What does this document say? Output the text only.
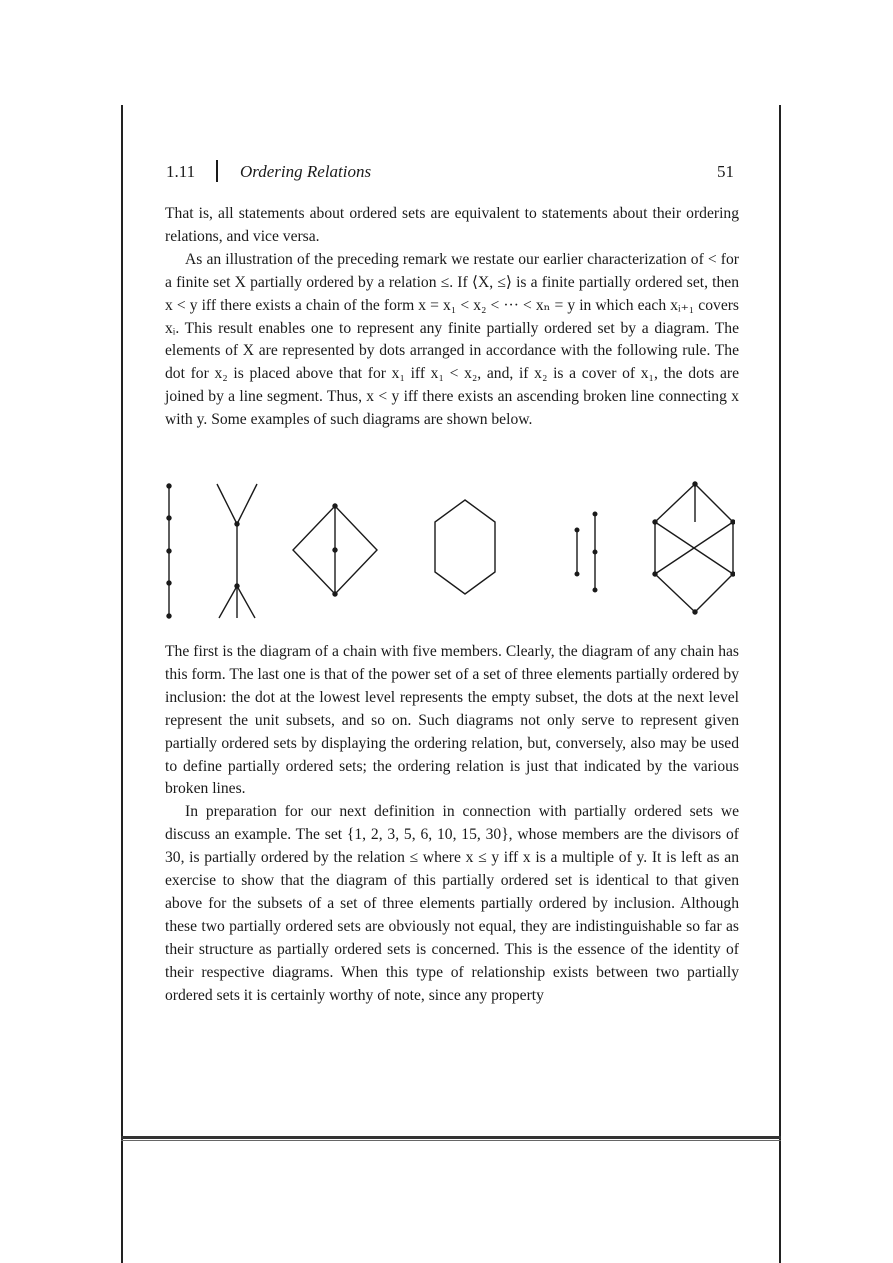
1.11	Ordering Relations	51

That is, all statements about ordered sets are equivalent to statements about their ordering relations, and vice versa.

As an illustration of the preceding remark we restate our earlier characterization of < for a finite set X partially ordered by a relation ≤. If ⟨X, ≤⟩ is a finite partially ordered set, then x < y iff there exists a chain of the form x = x₁ < x₂ < ··· < xₙ = y in which each xᵢ₊₁ covers xᵢ. This result enables one to represent any finite partially ordered set by a diagram. The elements of X are represented by dots arranged in accordance with the following rule. The dot for x₂ is placed above that for x₁ iff x₁ < x₂, and, if x₂ is a cover of x₁, the dots are joined by a line segment. Thus, x < y iff there exists an ascending broken line connecting x with y. Some examples of such diagrams are shown below.

The first is the diagram of a chain with five members. Clearly, the diagram of any chain has this form. The last one is that of the power set of a set of three elements partially ordered by inclusion: the dot at the lowest level represents the empty subset, the dots at the next level represent the unit subsets, and so on. Such diagrams not only serve to represent given partially ordered sets by displaying the ordering relation, but, conversely, also may be used to define partially ordered sets; the ordering relation is just that indicated by the various broken lines.

In preparation for our next definition in connection with partially ordered sets we discuss an example. The set {1, 2, 3, 5, 6, 10, 15, 30}, whose members are the divisors of 30, is partially ordered by the relation ≤ where x ≤ y iff x is a multiple of y. It is left as an exercise to show that the diagram of this partially ordered set is identical to that given above for the subsets of a set of three elements partially ordered by inclusion. Although these two partially ordered sets are obviously not equal, they are indistinguishable so far as their structure as partially ordered sets is concerned. This is the essence of the identity of their respective diagrams. When this type of relationship exists between two partially ordered sets it is certainly worthy of note, since any property
